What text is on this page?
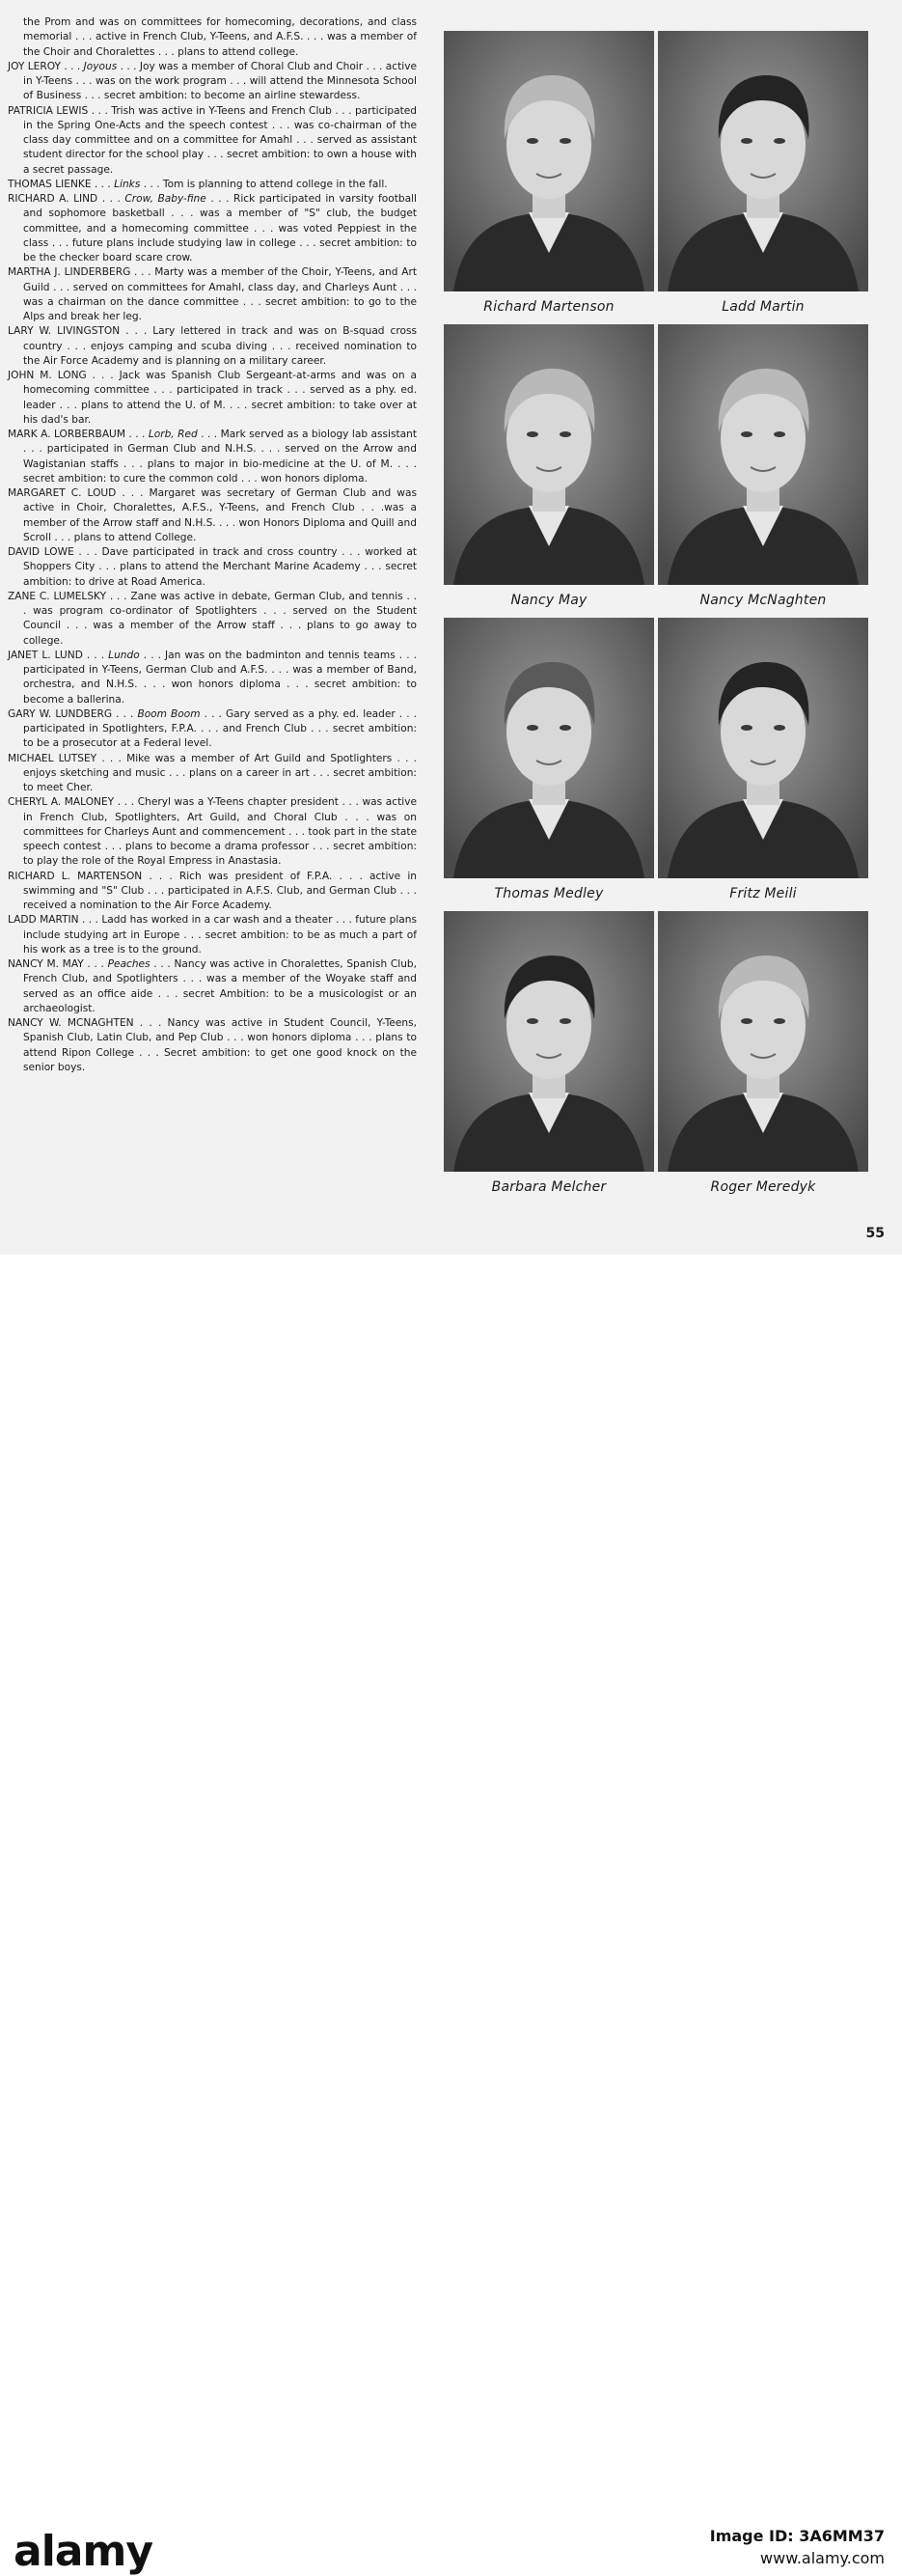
the Prom and was on committees for homecoming, decorations, and class memorial . . . active in French Club, Y-Teens, and A.F.S. . . . was a member of the Choir and Choralettes . . . plans to attend college.

JOY LEROY . . . Joyous . . . Joy was a member of Choral Club and Choir . . . active in Y-Teens . . . was on the work program . . . will attend the Minnesota School of Business . . . secret ambition: to become an airline stewardess.

PATRICIA LEWIS . . . Trish was active in Y-Teens and French Club . . . participated in the Spring One-Acts and the speech contest . . . was co-chairman of the class day committee and on a committee for Amahl . . . served as assistant student director for the school play . . . secret ambition: to own a house with a secret passage.

THOMAS LIENKE . . . Links . . . Tom is planning to attend college in the fall.

RICHARD A. LIND . . . Crow, Baby-fine . . . Rick participated in varsity football and sophomore basketball . . . was a member of "S" club, the budget committee, and a homecoming committee . . . was voted Peppiest in the class . . . future plans include studying law in college . . . secret ambition: to be the checker board scare crow.

MARTHA J. LINDERBERG . . . Marty was a member of the Choir, Y-Teens, and Art Guild . . . served on committees for Amahl, class day, and Charleys Aunt . . . was a chairman on the dance committee . . . secret ambition: to go to the Alps and break her leg.

LARY W. LIVINGSTON . . . Lary lettered in track and was on B-squad cross country . . . enjoys camping and scuba diving . . . received nomination to the Air Force Academy and is planning on a military career.

JOHN M. LONG . . . Jack was Spanish Club Sergeant-at-arms and was on a homecoming committee . . . participated in track . . . served as a phy. ed. leader . . . plans to attend the U. of M. . . . secret ambition: to take over at his dad's bar.

MARK A. LORBERBAUM . . . Lorb, Red . . . Mark served as a biology lab assistant . . . participated in German Club and N.H.S. . . . served on the Arrow and Wagistanian staffs . . . plans to major in bio-medicine at the U. of M. . . . secret ambition: to cure the common cold . . . won honors diploma.

MARGARET C. LOUD . . . Margaret was secretary of German Club and was active in Choir, Choralettes, A.F.S., Y-Teens, and French Club . . .was a member of the Arrow staff and N.H.S. . . . won Honors Diploma and Quill and Scroll . . . plans to attend College.

DAVID LOWE . . . Dave participated in track and cross country . . . worked at Shoppers City . . . plans to attend the Merchant Marine Academy . . . secret ambition: to drive at Road America.

ZANE C. LUMELSKY . . . Zane was active in debate, German Club, and tennis . . . was program co-ordinator of Spotlighters . . . served on the Student Council . . . was a member of the Arrow staff . . . plans to go away to college.

JANET L. LUND . . . Lundo . . . Jan was on the badminton and tennis teams . . . participated in Y-Teens, German Club and A.F.S. . . . was a member of Band, orchestra, and N.H.S. . . . won honors diploma . . . secret ambition: to become a ballerina.

GARY W. LUNDBERG . . . Boom Boom . . . Gary served as a phy. ed. leader . . . participated in Spotlighters, F.P.A. . . . and French Club . . . secret ambition: to be a prosecutor at a Federal level.

MICHAEL LUTSEY . . . Mike was a member of Art Guild and Spotlighters . . . enjoys sketching and music . . . plans on a career in art . . . secret ambition: to meet Cher.

CHERYL A. MALONEY . . . Cheryl was a Y-Teens chapter president . . . was active in French Club, Spotlighters, Art Guild, and Choral Club . . . was on committees for Charleys Aunt and commencement . . . took part in the state speech contest . . . plans to become a drama professor . . . secret ambition: to play the role of the Royal Empress in Anastasia.

RICHARD L. MARTENSON . . . Rich was president of F.P.A. . . . active in swimming and "S" Club . . . participated in A.F.S. Club, and German Club . . . received a nomination to the Air Force Academy.

LADD MARTIN . . . Ladd has worked in a car wash and a theater . . . future plans include studying art in Europe . . . secret ambition: to be as much a part of his work as a tree is to the ground.

NANCY M. MAY . . . Peaches . . . Nancy was active in Choralettes, Spanish Club, French Club, and Spotlighters . . . was a member of the Woyake staff and served as an office aide . . . secret Ambition: to be a musicologist or an archaeologist.

NANCY W. MCNAGHTEN . . . Nancy was active in Student Council, Y-Teens, Spanish Club, Latin Club, and Pep Club . . . won honors diploma . . . plans to attend Ripon College . . . Secret ambition: to get one good knock on the senior boys.

Richard Martenson	Ladd Martin
Nancy May	Nancy McNaghten
Thomas Medley	Fritz Meili
Barbara Melcher	Roger Meredyk
55
alamy	Image ID: 3A6MM37
www.alamy.com
